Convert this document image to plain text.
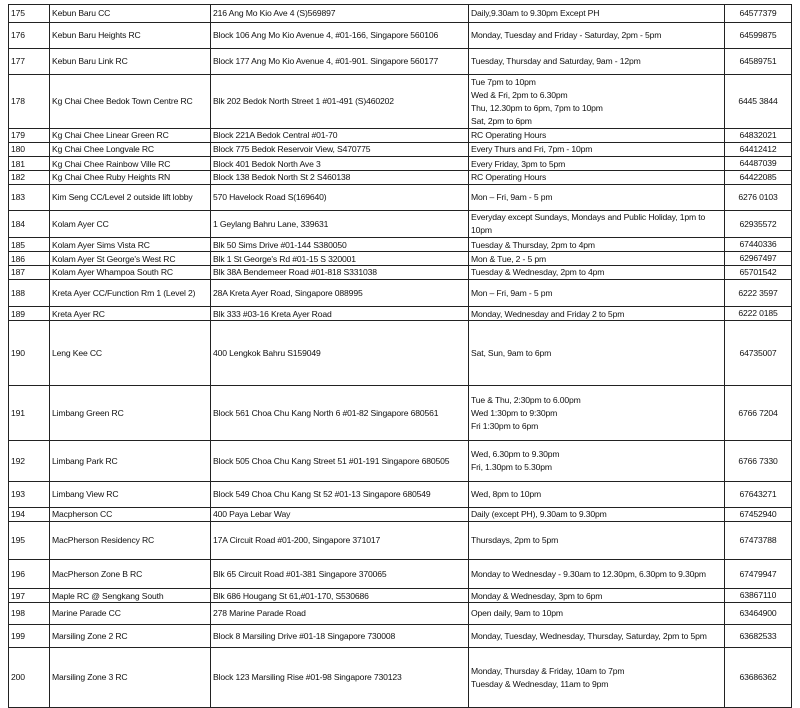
175	Kebun Baru CC	216 Ang Mo Kio Ave 4 (S)569897	Daily,9.30am to 9.30pm Except PH	64577379

176	Kebun Baru Heights RC	Block 106 Ang Mo Kio Avenue 4, #01-166, Singapore 560106	Monday, Tuesday and Friday - Saturday, 2pm - 5pm	64599875

177	Kebun Baru Link RC	Block 177 Ang Mo Kio Avenue 4, #01-901. Singapore 560177	Tuesday, Thursday and Saturday, 9am - 12pm	64589751

178	Kg Chai Chee Bedok Town Centre RC	Blk 202 Bedok North Street 1 #01-491 (S)460202	Tue 7pm to 10pm
Wed & Fri, 2pm to 6.30pm
Thu, 12.30pm to 6pm, 7pm to 10pm
Sat, 2pm to 6pm	6445 3844

179	Kg Chai Chee Linear Green RC	Block 221A Bedok Central #01-70	RC Operating Hours	64832021

180	Kg Chai Chee Longvale RC	Block 775 Bedok Reservoir View, S470775	Every Thurs and Fri, 7pm - 10pm	64412412

181	Kg Chai Chee Rainbow Ville RC	Block 401 Bedok North Ave 3	Every Friday, 3pm to 5pm	64487039

182	Kg Chai Chee Ruby Heights RN	Block 138 Bedok North St 2 S460138	RC Operating Hours	64422085

183	Kim Seng CC/Level 2 outside lift lobby	570 Havelock Road S(169640)	Mon – Fri, 9am - 5 pm	6276 0103

184	Kolam Ayer CC	1 Geylang Bahru Lane, 339631	Everyday except Sundays, Mondays and Public Holiday, 1pm to 10pm	62935572

185	Kolam Ayer Sims Vista RC	Blk 50 Sims Drive #01-144 S380050	Tuesday & Thursday, 2pm to 4pm	67440336

186	Kolam Ayer St George's West RC	Blk 1 St George's Rd #01-15 S 320001	Mon & Tue, 2 - 5 pm	62967497

187	Kolam Ayer Whampoa South RC	Blk 38A Bendemeer Road #01-818 S331038	Tuesday & Wednesday, 2pm to 4pm	65701542

188	Kreta Ayer CC/Function Rm 1 (Level 2)	28A Kreta Ayer Road, Singapore 088995	Mon – Fri, 9am - 5 pm	6222 3597

189	Kreta Ayer RC	Blk 333 #03-16 Kreta Ayer Road	Monday, Wednesday and Friday 2 to 5pm	6222 0185

190	Leng Kee CC	400 Lengkok Bahru S159049	Sat, Sun, 9am to 6pm	64735007

191	Limbang Green RC	Block 561 Choa Chu Kang North 6 #01-82 Singapore 680561	Tue & Thu, 2:30pm to 6.00pm
Wed 1:30pm to 9:30pm
Fri 1:30pm to 6pm	6766 7204

192	Limbang Park RC	Block 505 Choa Chu Kang Street 51 #01-191 Singapore 680505	Wed, 6.30pm to 9.30pm
Fri, 1.30pm to 5.30pm	6766 7330

193	Limbang View RC	Block 549 Choa Chu Kang St 52 #01-13 Singapore 680549	Wed, 8pm to 10pm	67643271

194	Macpherson CC	400 Paya Lebar Way	Daily (except PH), 9.30am to 9.30pm	67452940

195	MacPherson Residency RC	17A Circuit Road #01-200, Singapore 371017	Thursdays, 2pm to 5pm	67473788

196	MacPherson Zone B RC	Blk 65 Circuit Road #01-381 Singapore 370065	Monday to Wednesday - 9.30am to 12.30pm, 6.30pm to 9.30pm	67479947

197	Maple RC @ Sengkang South	Blk 686 Hougang St 61,#01-170, S530686	Monday & Wednesday, 3pm to 6pm	63867110

198	Marine Parade CC	278 Marine Parade Road	Open daily, 9am to 10pm	63464900

199	Marsiling Zone 2 RC	Block 8 Marsiling Drive #01-18 Singapore 730008	Monday, Tuesday, Wednesday, Thursday, Saturday, 2pm to 5pm	63682533

200	Marsiling Zone 3 RC	Block 123 Marsiling Rise #01-98 Singapore 730123	Monday, Thursday & Friday, 10am to 7pm
Tuesday & Wednesday, 11am to 9pm	63686362
